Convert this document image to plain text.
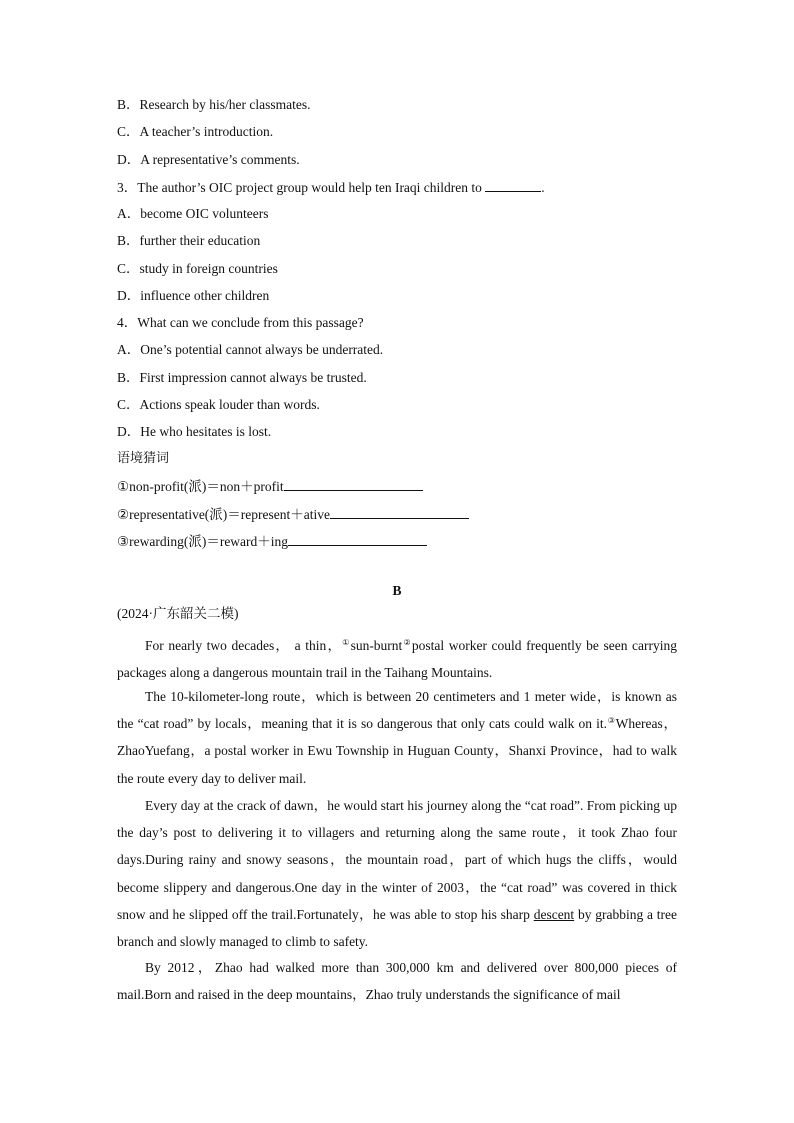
B．Research by his/her classmates.
C．A teacher’s introduction.
D．A representative’s comments.
3．The author’s OIC project group would help ten Iraqi children to	.
A．become OIC volunteers
B．further their education
C．study in foreign countries
D．influence other children
4．What can we conclude from this passage?
A．One’s potential cannot always be underrated.
B．First impression cannot always be trusted.
C．Actions speak louder than words.
D．He who hesitates is lost.
语境猜词
①non-profit(派)＝non＋profit
②representative(派)＝represent＋ative
③rewarding(派)＝reward＋ing
B
(2024·广东韶关二模)
For nearly two decades， a thin，①sun-burnt②postal worker could frequently be seen carrying packages along a dangerous mountain trail in the Taihang Mountains.
The 10-kilometer-long route，which is between 20 centimeters and 1 meter wide，is known as the “cat road” by locals，meaning that it is so dangerous that only cats could walk on it.③Whereas，ZhaoYuefang，a postal worker in Ewu Township in Huguan County，Shanxi Province，had to walk the route every day to deliver mail.
Every day at the crack of dawn，he would start his journey along the “cat road”. From picking up the day’s post to delivering it to villagers and returning along the same route，it took Zhao four days.During rainy and snowy seasons，the mountain road，part of which hugs the cliffs，would become slippery and dangerous.One day in the winter of 2003，the “cat road” was covered in thick snow and he slipped off the trail.Fortunately，he was able to stop his sharp descent by grabbing a tree branch and slowly managed to climb to safety.
By 2012，Zhao had walked more than 300,000 km and delivered over 800,000 pieces of mail.Born and raised in the deep mountains，Zhao truly understands the significance of mail
